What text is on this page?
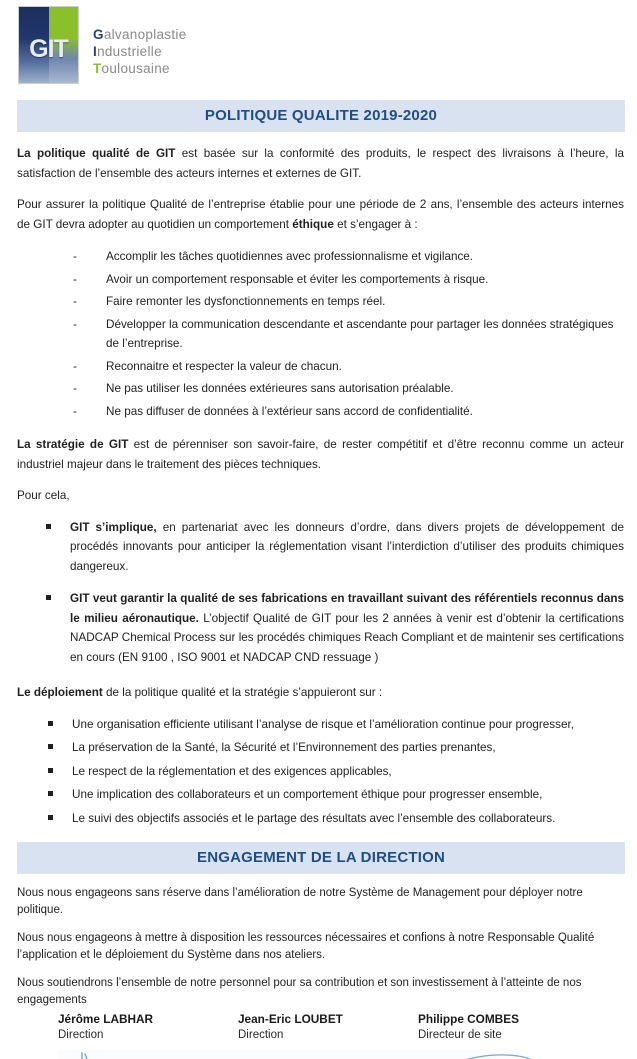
GIT
Galvanoplastie
Industrielle
Toulousaine
POLITIQUE QUALITE 2019-2020

La politique qualité de GIT est basée sur la conformité des produits, le respect des livraisons à l’heure, la satisfaction de l’ensemble des acteurs internes et externes de GIT.

Pour assurer la politique Qualité de l’entreprise établie pour une période de 2 ans, l’ensemble des acteurs internes de GIT devra adopter au quotidien un comportement éthique et s’engager à :

- Accomplir les tâches quotidiennes avec professionnalisme et vigilance.
- Avoir un comportement responsable et éviter les comportements à risque.
- Faire remonter les dysfonctionnements en temps réel.
- Développer la communication descendante et ascendante pour partager les données stratégiques de l’entreprise.
- Reconnaitre et respecter la valeur de chacun.
- Ne pas utiliser les données extérieures sans autorisation préalable.
- Ne pas diffuser de données à l’extérieur sans accord de confidentialité.

La stratégie de GIT est de pérenniser son savoir-faire, de rester compétitif et d’être reconnu comme un acteur industriel majeur dans le traitement des pièces techniques.

Pour cela,

GIT s’implique, en partenariat avec les donneurs d’ordre, dans divers projets de développement de procédés innovants pour anticiper la réglementation visant l’interdiction d’utiliser des produits chimiques dangereux.
GIT veut garantir la qualité de ses fabrications en travaillant suivant des référentiels reconnus dans le milieu aéronautique. L’objectif Qualité de GIT pour les 2 années à venir est d’obtenir la certifications NADCAP Chemical Process sur les procédés chimiques Reach Compliant et de maintenir ses certifications en cours (EN 9100 , ISO 9001 et NADCAP CND ressuage )

Le déploiement de la politique qualité et la stratégie s’appuieront sur :

Une organisation efficiente utilisant l’analyse de risque et l’amélioration continue pour progresser,
La préservation de la Santé, la Sécurité et l’Environnement des parties prenantes,
Le respect de la réglementation et des exigences applicables,
Une implication des collaborateurs et un comportement éthique pour progresser ensemble,
Le suivi des objectifs associés et le partage des résultats avec l’ensemble des collaborateurs.
ENGAGEMENT DE LA DIRECTION

Nous nous engageons sans réserve dans l’amélioration de notre Système de Management pour déployer notre politique.

Nous nous engageons à mettre à disposition les ressources nécessaires et confions à notre Responsable Qualité l’application et le déploiement du Système dans nos ateliers.

Nous soutiendrons l’ensemble de notre personnel pour sa contribution et son investissement à l’atteinte de nos engagements

Jérôme LABHAR
Direction
Jean-Eric LOUBET
Direction
Philippe COMBES
Directeur de site
